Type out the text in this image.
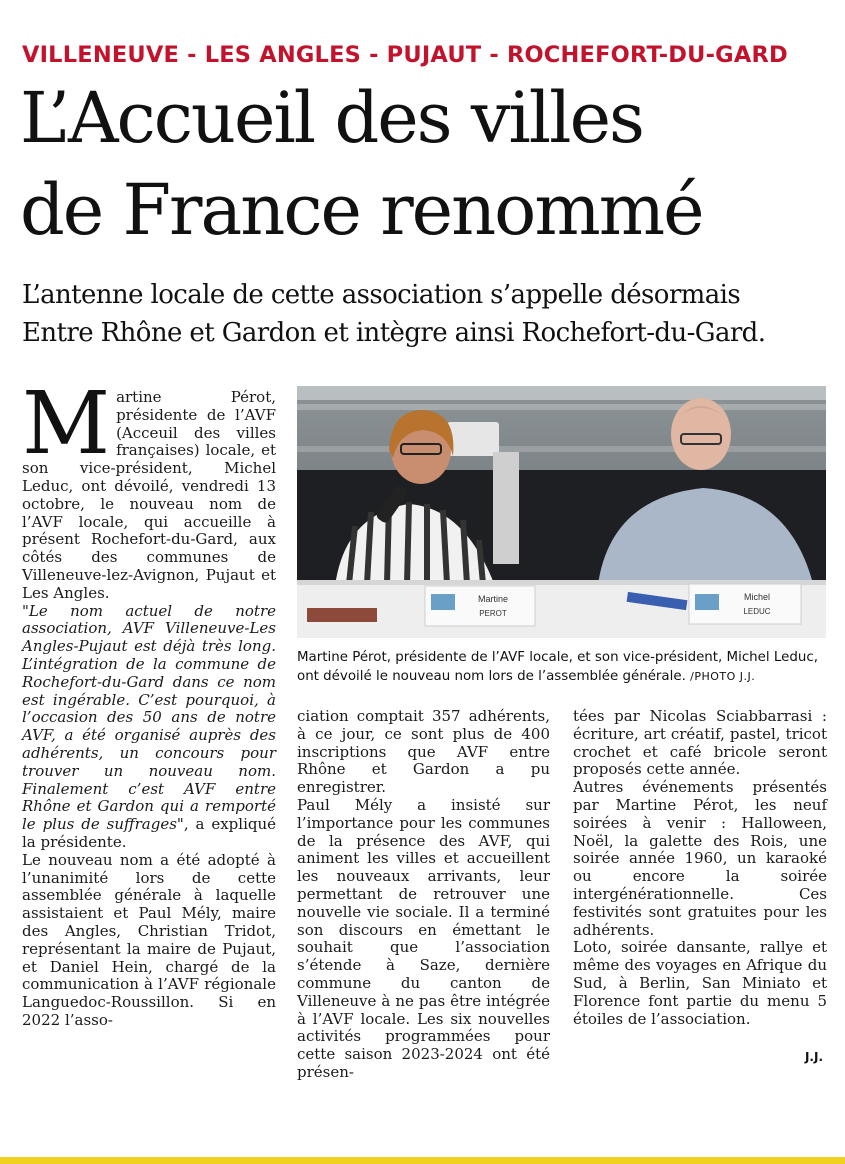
VILLENEUVE - LES ANGLES - PUJAUT - ROCHEFORT-DU-GARD
L’Accueil des villes
de France renommé
L’antenne locale de cette association s’appelle désormais
Entre Rhône et Gardon et intègre ainsi Rochefort-du-Gard.

Martine Pérot, présidente de l’AVF (Acceuil des villes françaises) locale, et son vice-président, Michel Leduc, ont dévoilé, vendredi 13 octobre, le nouveau nom de l’AVF locale, qui accueille à présent Rochefort-du-Gard, aux côtés des communes de Villeneuve-lez-Avignon, Pujaut et Les Angles.

"Le nom actuel de notre association, AVF Villeneuve-Les Angles-Pujaut est déjà très long. L’intégration de la commune de Rochefort-du-Gard dans ce nom est ingérable. C’est pourquoi, à l’occasion des 50 ans de notre AVF, a été organisé auprès des adhérents, un concours pour trouver un nouveau nom. Finalement c’est AVF entre Rhône et Gardon qui a remporté le plus de suffrages", a expliqué la présidente.

Le nouveau nom a été adopté à l’unanimité lors de cette assemblée générale à laquelle assistaient et Paul Mély, maire des Angles, Christian Tridot, représentant la maire de Pujaut, et Daniel Hein, chargé de la communication à l’AVF régionale Languedoc-Roussillon. Si en 2022 l’asso-

Martine
PEROT
Michel
LEDUC
Martine Pérot, présidente de l’AVF locale, et son vice-président, Michel Leduc, ont dévoilé le nouveau nom lors de l’assemblée générale. /PHOTO J.J.

ciation comptait 357 adhérents, à ce jour, ce sont plus de 400 inscriptions que AVF entre Rhône et Gardon a pu enregistrer.

Paul Mély a insisté sur l’importance pour les communes de la présence des AVF, qui animent les villes et accueillent les nouveaux arrivants, leur permettant de retrouver une nouvelle vie sociale. Il a terminé son discours en émettant le souhait que l’association s’étende à Saze, dernière commune du canton de Villeneuve à ne pas être intégrée à l’AVF locale. Les six nouvelles activités programmées pour cette saison 2023-2024 ont été présen-

tées par Nicolas Sciabbarrasi : écriture, art créatif, pastel, tricot crochet et café bricole seront proposés cette année.

Autres événements présentés par Martine Pérot, les neuf soirées à venir : Halloween, Noël, la galette des Rois, une soirée année 1960, un karaoké ou encore la soirée intergénérationnelle. Ces festivités sont gratuites pour les adhérents.

Loto, soirée dansante, rallye et même des voyages en Afrique du Sud, à Berlin, San Miniato et Florence font partie du menu 5 étoiles de l’association.

J.J.
